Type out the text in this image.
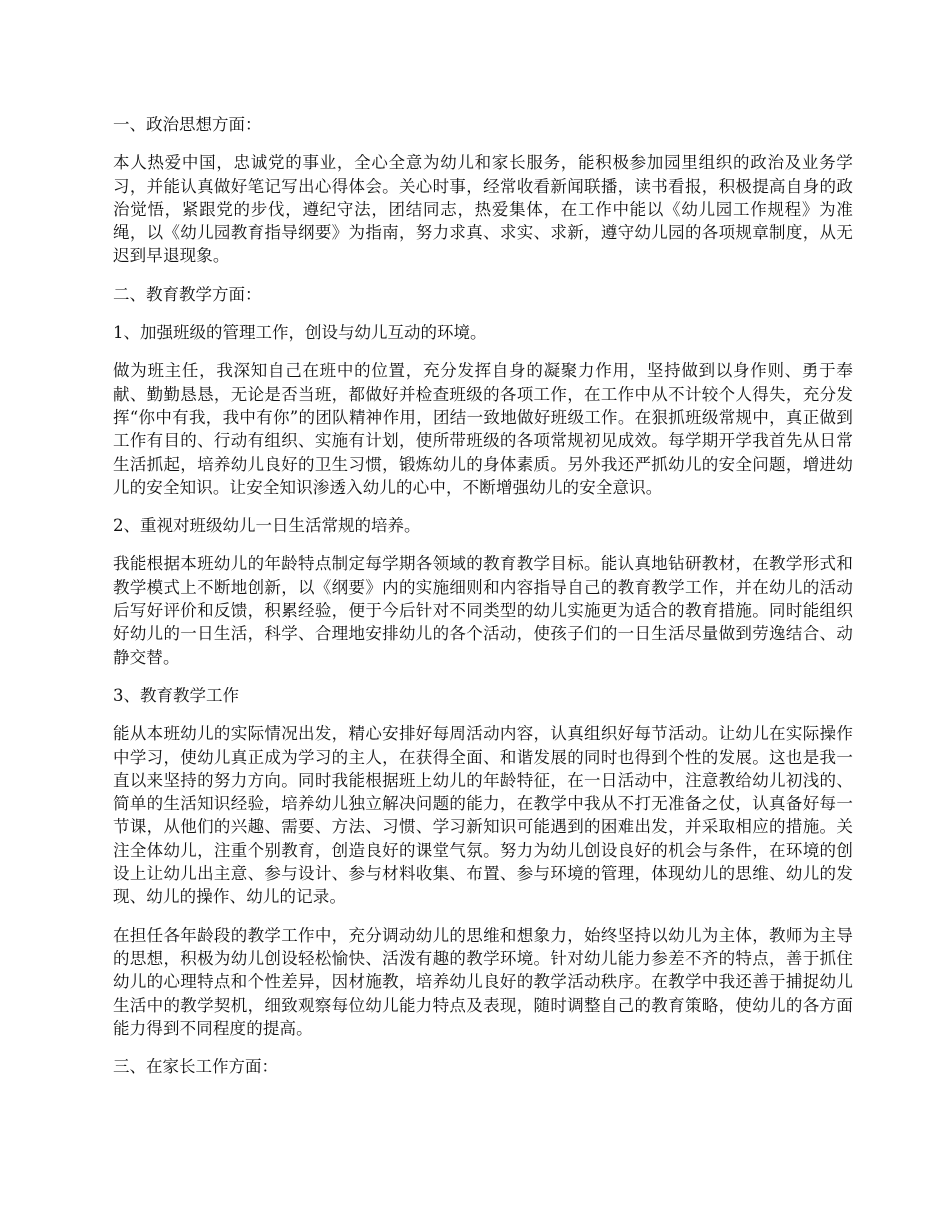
一、政治思想方面：

本人热爱中国，忠诚党的事业，全心全意为幼儿和家长服务，能积极参加园里组织的政治及业务学习，并能认真做好笔记写出心得体会。关心时事，经常收看新闻联播，读书看报，积极提高自身的政治觉悟，紧跟党的步伐，遵纪守法，团结同志，热爱集体，在工作中能以《幼儿园工作规程》为准绳，以《幼儿园教育指导纲要》为指南，努力求真、求实、求新，遵守幼儿园的各项规章制度，从无迟到早退现象。

二、教育教学方面：

1、加强班级的管理工作，创设与幼儿互动的环境。

做为班主任，我深知自己在班中的位置，充分发挥自身的凝聚力作用，坚持做到以身作则、勇于奉献、勤勤恳恳，无论是否当班，都做好并检查班级的各项工作，在工作中从不计较个人得失，充分发挥“你中有我，我中有你”的团队精神作用，团结一致地做好班级工作。在狠抓班级常规中，真正做到工作有目的、行动有组织、实施有计划，使所带班级的各项常规初见成效。每学期开学我首先从日常生活抓起，培养幼儿良好的卫生习惯，锻炼幼儿的身体素质。另外我还严抓幼儿的安全问题，增进幼儿的安全知识。让安全知识渗透入幼儿的心中，不断增强幼儿的安全意识。

2、重视对班级幼儿一日生活常规的培养。

我能根据本班幼儿的年龄特点制定每学期各领域的教育教学目标。能认真地钻研教材，在教学形式和教学模式上不断地创新，以《纲要》内的实施细则和内容指导自己的教育教学工作，并在幼儿的活动后写好评价和反馈，积累经验，便于今后针对不同类型的幼儿实施更为适合的教育措施。同时能组织好幼儿的一日生活，科学、合理地安排幼儿的各个活动，使孩子们的一日生活尽量做到劳逸结合、动静交替。

3、教育教学工作

能从本班幼儿的实际情况出发，精心安排好每周活动内容，认真组织好每节活动。让幼儿在实际操作中学习，使幼儿真正成为学习的主人，在获得全面、和谐发展的同时也得到个性的发展。这也是我一直以来坚持的努力方向。同时我能根据班上幼儿的年龄特征，在一日活动中，注意教给幼儿初浅的、简单的生活知识经验，培养幼儿独立解决问题的能力，在教学中我从不打无准备之仗，认真备好每一节课，从他们的兴趣、需要、方法、习惯、学习新知识可能遇到的困难出发，并采取相应的措施。关注全体幼儿，注重个别教育，创造良好的课堂气氛。努力为幼儿创设良好的机会与条件，在环境的创设上让幼儿出主意、参与设计、参与材料收集、布置、参与环境的管理，体现幼儿的思维、幼儿的发现、幼儿的操作、幼儿的记录。

在担任各年龄段的教学工作中，充分调动幼儿的思维和想象力，始终坚持以幼儿为主体，教师为主导的思想，积极为幼儿创设轻松愉快、活泼有趣的教学环境。针对幼儿能力参差不齐的特点，善于抓住幼儿的心理特点和个性差异，因材施教，培养幼儿良好的教学活动秩序。在教学中我还善于捕捉幼儿生活中的教学契机，细致观察每位幼儿能力特点及表现，随时调整自己的教育策略，使幼儿的各方面能力得到不同程度的提高。

三、在家长工作方面：
